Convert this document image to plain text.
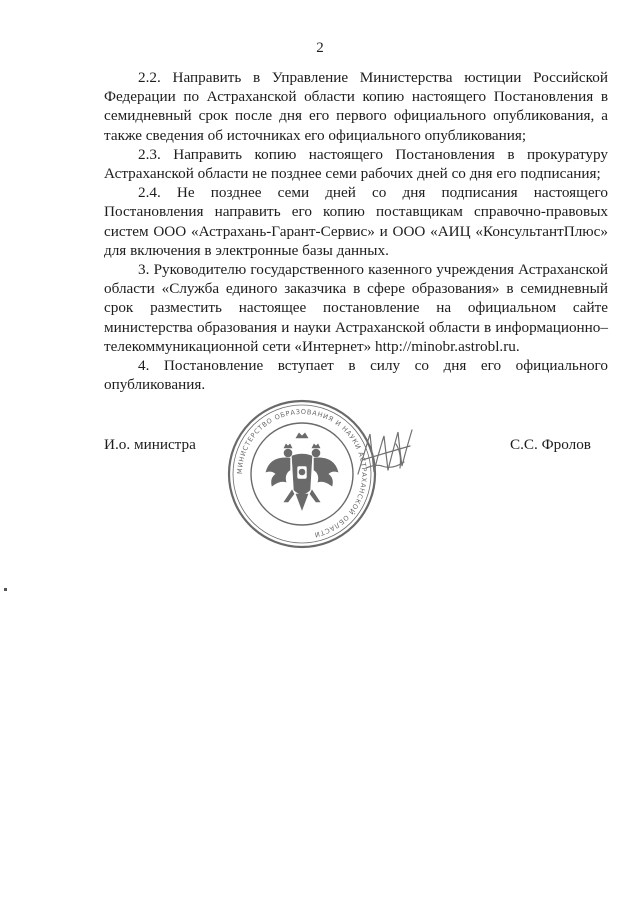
2

2.2. Направить в Управление Министерства юстиции Российской Федерации по Астраханской области копию настоящего Постановления в семидневный срок после дня его первого официального опубликования, а также сведения об источниках его официального опубликования;

2.3. Направить копию настоящего Постановления в прокуратуру Астраханской области не позднее семи рабочих дней со дня его подписания;

2.4. Не позднее семи дней со дня подписания настоящего Постановления направить его копию поставщикам справочно-правовых систем ООО «Астрахань-Гарант-Сервис» и ООО «АИЦ «КонсультантПлюс» для включения в электронные базы данных.

3. Руководителю государственного казенного учреждения Астраханской области «Служба единого заказчика в сфере образования» в семидневный срок разместить настоящее постановление на официальном сайте министерства образования и науки Астраханской области в информационно–телекоммуникационной сети «Интернет» http://minobr.astrobl.ru.

4. Постановление вступает в силу со дня его официального опубликования.

И.о. министра
МИНИСТЕРСТВО ОБРАЗОВАНИЯ И НАУКИ АСТРАХАНСКОЙ ОБЛАСТИ
С.С. Фролов
